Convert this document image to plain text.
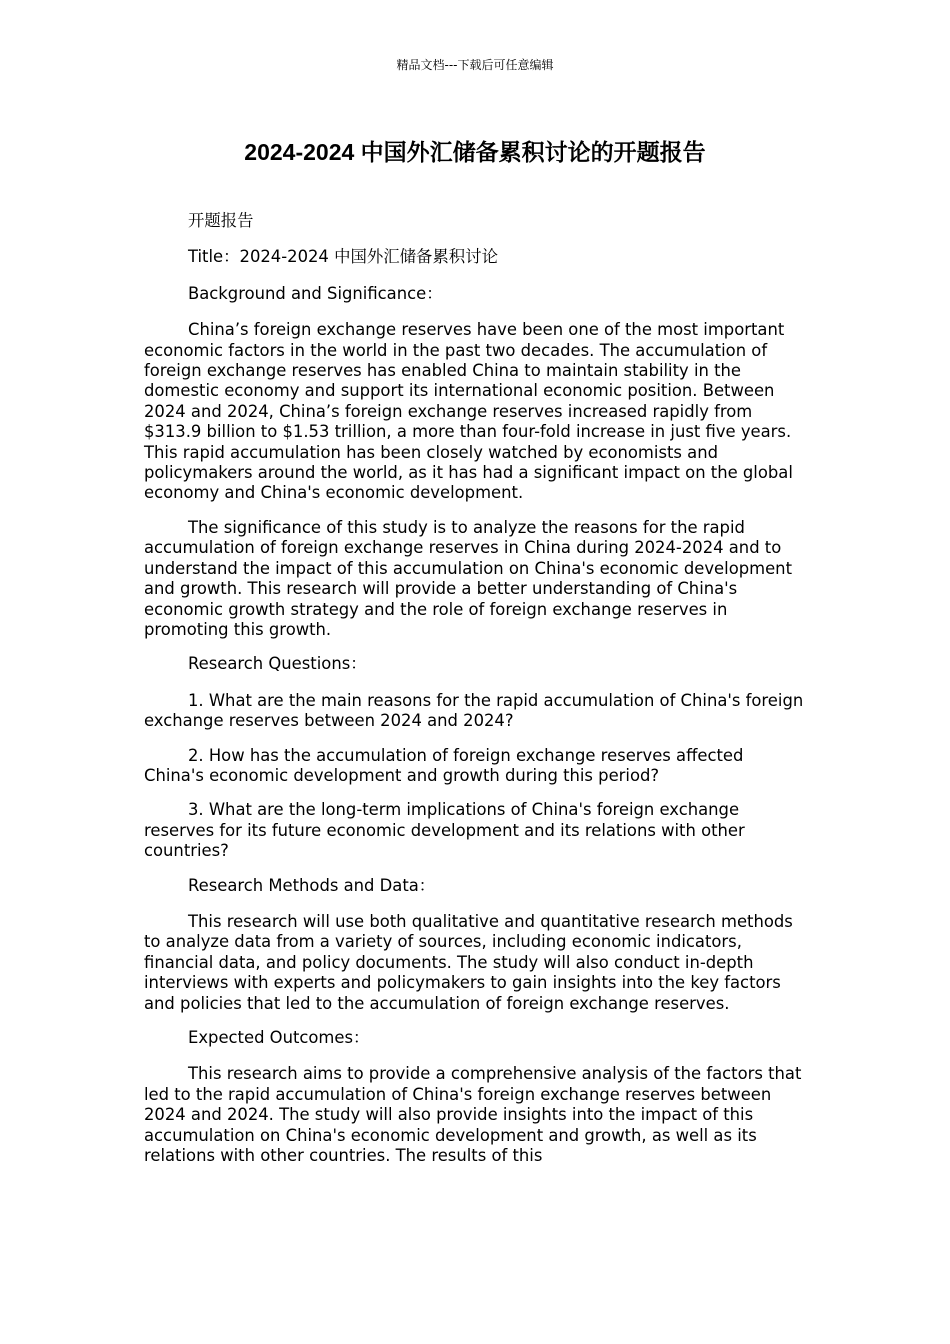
精品文档---下载后可任意编辑
2024-2024 中国外汇储备累积讨论的开题报告

开题报告

Title：2024-2024 中国外汇储备累积讨论

Background and Significance：

China’s foreign exchange reserves have been one of the most important economic factors in the world in the past two decades. The accumulation of foreign exchange reserves has enabled China to maintain stability in the domestic economy and support its international economic position. Between 2024 and 2024, China’s foreign exchange reserves increased rapidly from $313.9 billion to $1.53 trillion, a more than four-fold increase in just five years. This rapid accumulation has been closely watched by economists and policymakers around the world, as it has had a significant impact on the global economy and China's economic development.

The significance of this study is to analyze the reasons for the rapid accumulation of foreign exchange reserves in China during 2024-2024 and to understand the impact of this accumulation on China's economic development and growth. This research will provide a better understanding of China's economic growth strategy and the role of foreign exchange reserves in promoting this growth.

Research Questions：

1. What are the main reasons for the rapid accumulation of China's foreign exchange reserves between 2024 and 2024?

2. How has the accumulation of foreign exchange reserves affected China's economic development and growth during this period?

3. What are the long-term implications of China's foreign exchange reserves for its future economic development and its relations with other countries?

Research Methods and Data：

This research will use both qualitative and quantitative research methods to analyze data from a variety of sources, including economic indicators, financial data, and policy documents. The study will also conduct in-depth interviews with experts and policymakers to gain insights into the key factors and policies that led to the accumulation of foreign exchange reserves.

Expected Outcomes：

This research aims to provide a comprehensive analysis of the factors that led to the rapid accumulation of China's foreign exchange reserves between 2024 and 2024. The study will also provide insights into the impact of this accumulation on China's economic development and growth, as well as its relations with other countries. The results of this
